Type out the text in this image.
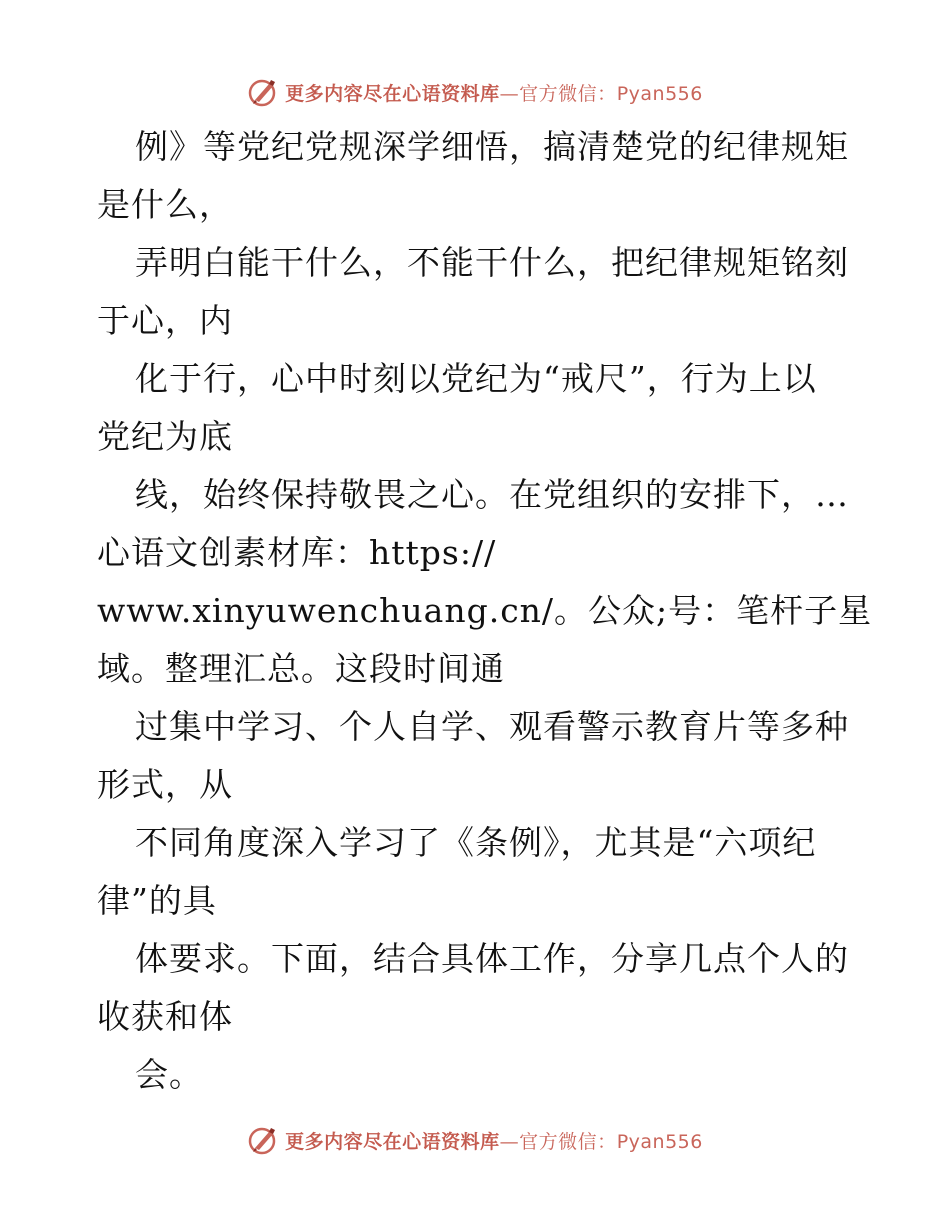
更多内容尽在心语资料库—官方微信：Pyan556
例》等党纪党规深学细悟，搞清楚党的纪律规矩
是什么，
弄明白能干什么，不能干什么，把纪律规矩铭刻
于心，内
化于行，心中时刻以党纪为“戒尺”，行为上以
党纪为底
线，始终保持敬畏之心。在党组织的安排下，…
心语文创素材库：https://
www.xinyuwenchuang.cn/。公众;号：笔杆子星
域。整理汇总。这段时间通
过集中学习、个人自学、观看警示教育片等多种
形式，从
不同角度深入学习了《条例》，尤其是“六项纪
律”的具
体要求。下面，结合具体工作，分享几点个人的
收获和体
会。
更多内容尽在心语资料库—官方微信：Pyan556
